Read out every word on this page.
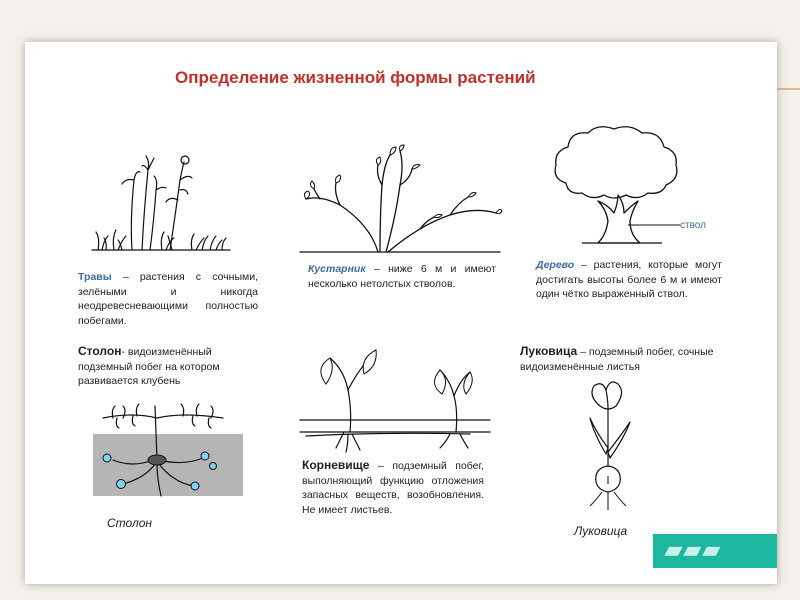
Определение жизненной формы растений
Травы – растения с сочными, зелёными и никогда неодревесневающими полностью побегами.
Кустарник – ниже 6 м и имеют несколько нетолстых стволов.
ствол
Дерево – растения, которые могут достигать высоты более 6 м и имеют один чётко выраженный ствол.
Столон- видоизменённый подземный побег на котором развивается клубень
Столон
Корневище – подземный побег, выполняющий функцию отложения запасных веществ, возобновления. Не имеет листьев.
Луковица – подземный побег, сочные видоизменённые листья
Луковица
▰▰▰
